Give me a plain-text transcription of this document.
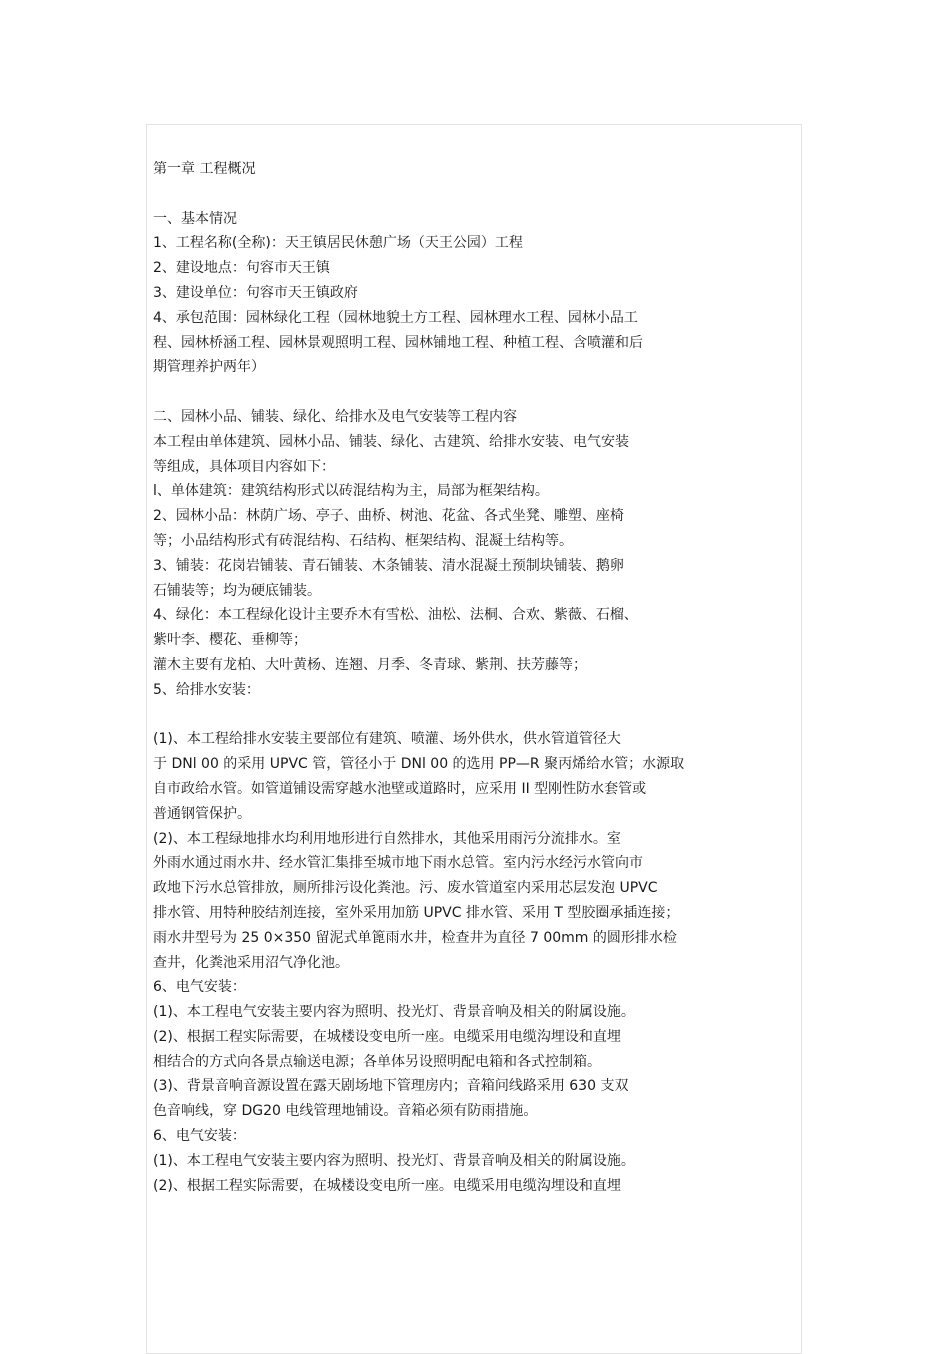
第一章 工程概况
一、基本情况
1、工程名称(全称)：天王镇居民休憩广场（天王公园）工程
2、建设地点：句容市天王镇
3、建设单位：句容市天王镇政府
4、承包范围：园林绿化工程（园林地貌土方工程、园林理水工程、园林小品工
程、园林桥涵工程、园林景观照明工程、园林铺地工程、种植工程、含喷灌和后
期管理养护两年）
二、园林小品、铺装、绿化、给排水及电气安装等工程内容
本工程由单体建筑、园林小品、铺装、绿化、古建筑、给排水安装、电气安装
等组成，具体项目内容如下：
l、单体建筑：建筑结构形式以砖混结构为主，局部为框架结构。
2、园林小品：林荫广场、亭子、曲桥、树池、花盆、各式坐凳、雕塑、座椅
等；小品结构形式有砖混结构、石结构、框架结构、混凝土结构等。
3、铺装：花岗岩铺装、青石铺装、木条铺装、清水混凝土预制块铺装、鹅卵
石铺装等；均为硬底铺装。
4、绿化：本工程绿化设计主要乔木有雪松、油松、法桐、合欢、紫薇、石榴、
紫叶李、樱花、垂柳等；
灌木主要有龙柏、大叶黄杨、连翘、月季、冬青球、紫荆、扶芳藤等；
5、给排水安装：
(1)、本工程给排水安装主要部位有建筑、喷灌、场外供水，供水管道管径大
于 DNl 00 的采用 UPVC 管，管径小于 DNl 00 的选用 PP—R 聚丙烯给水管；水源取
自市政给水管。如管道铺设需穿越水池壁或道路时，应采用 II 型刚性防水套管或
普通钢管保护。
(2)、本工程绿地排水均利用地形进行自然排水，其他采用雨污分流排水。室
外雨水通过雨水井、经水管汇集排至城市地下雨水总管。室内污水经污水管向市
政地下污水总管排放，厕所排污设化粪池。污、废水管道室内采用芯层发泡 UPVC
排水管、用特种胶结剂连接，室外采用加筋 UPVC 排水管、采用 T 型胶圈承插连接；
雨水井型号为 25 0×350 留泥式单篦雨水井，检查井为直径 7 00mm 的圆形排水检
查井，化粪池采用沼气净化池。
6、电气安装：
(1)、本工程电气安装主要内容为照明、投光灯、背景音响及相关的附属设施。
(2)、根据工程实际需要，在城楼设变电所一座。电缆采用电缆沟埋设和直埋
相结合的方式向各景点输送电源；各单体另设照明配电箱和各式控制箱。
(3)、背景音响音源设置在露天剧场地下管理房内；音箱问线路采用 630 支双
色音响线，穿 DG20 电线管理地铺设。音箱必须有防雨措施。
6、电气安装：
(1)、本工程电气安装主要内容为照明、投光灯、背景音响及相关的附属设施。
(2)、根据工程实际需要，在城楼设变电所一座。电缆采用电缆沟埋设和直埋
